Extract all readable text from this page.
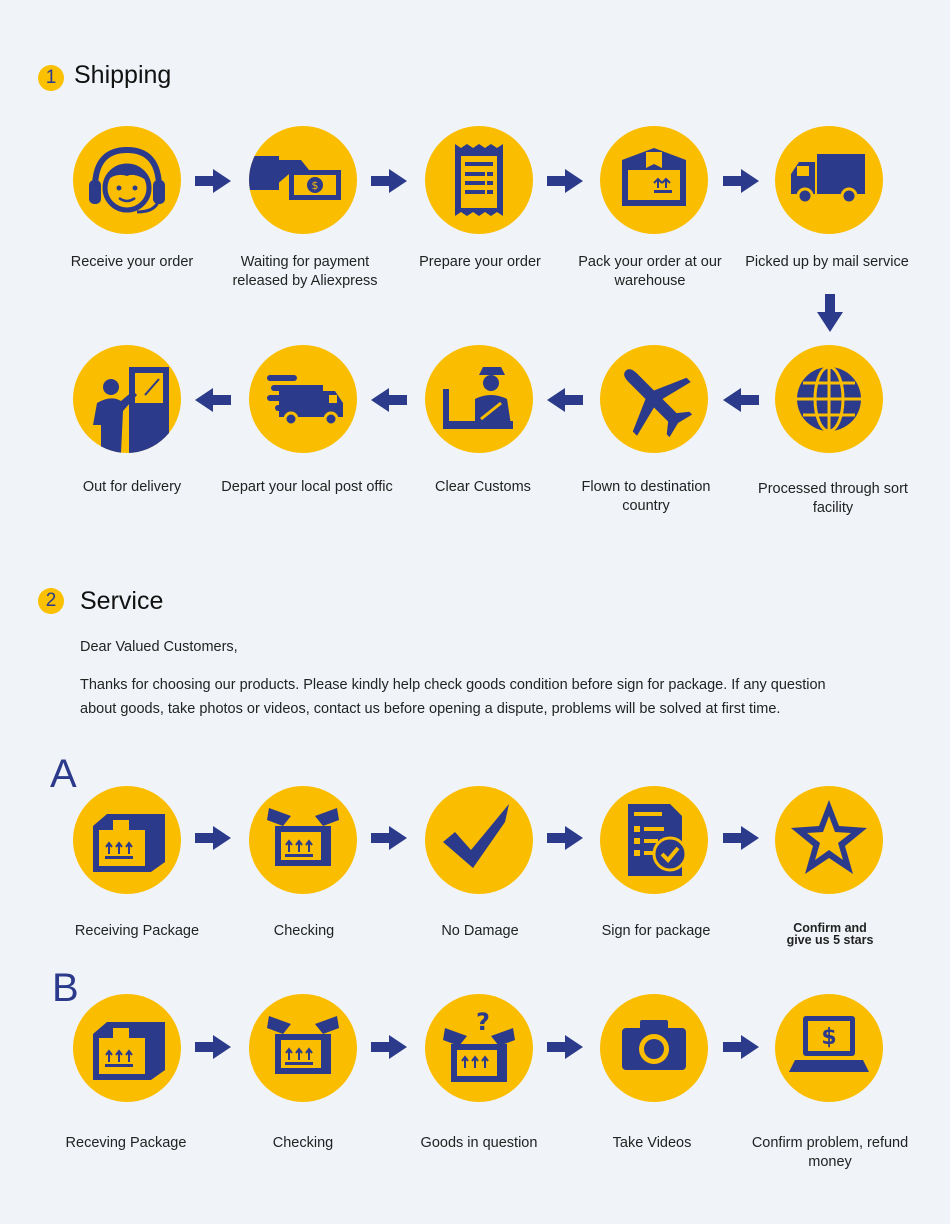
1 Shipping
$
Receive your order	Waiting for payment released by Aliexpress
Prepare your order	Pack your order at our warehouse
Picked up by mail service
Out for delivery	Depart your local post offic	Clear Customs	Flown to destination country
Processed through sort facility
2 Service
Dear Valued Customers,
Thanks for choosing our products. Please kindly help check goods condition before sign for package. If any question
about goods, take photos or videos, contact us before opening a dispute, problems will be solved at first time.
A
Receiving Package	Checking	No Damage	Sign for package	Confirm and
give us 5 stars
B
?
$
Receving Package	Checking	Goods in question	Take Videos	Confirm problem, refund money
